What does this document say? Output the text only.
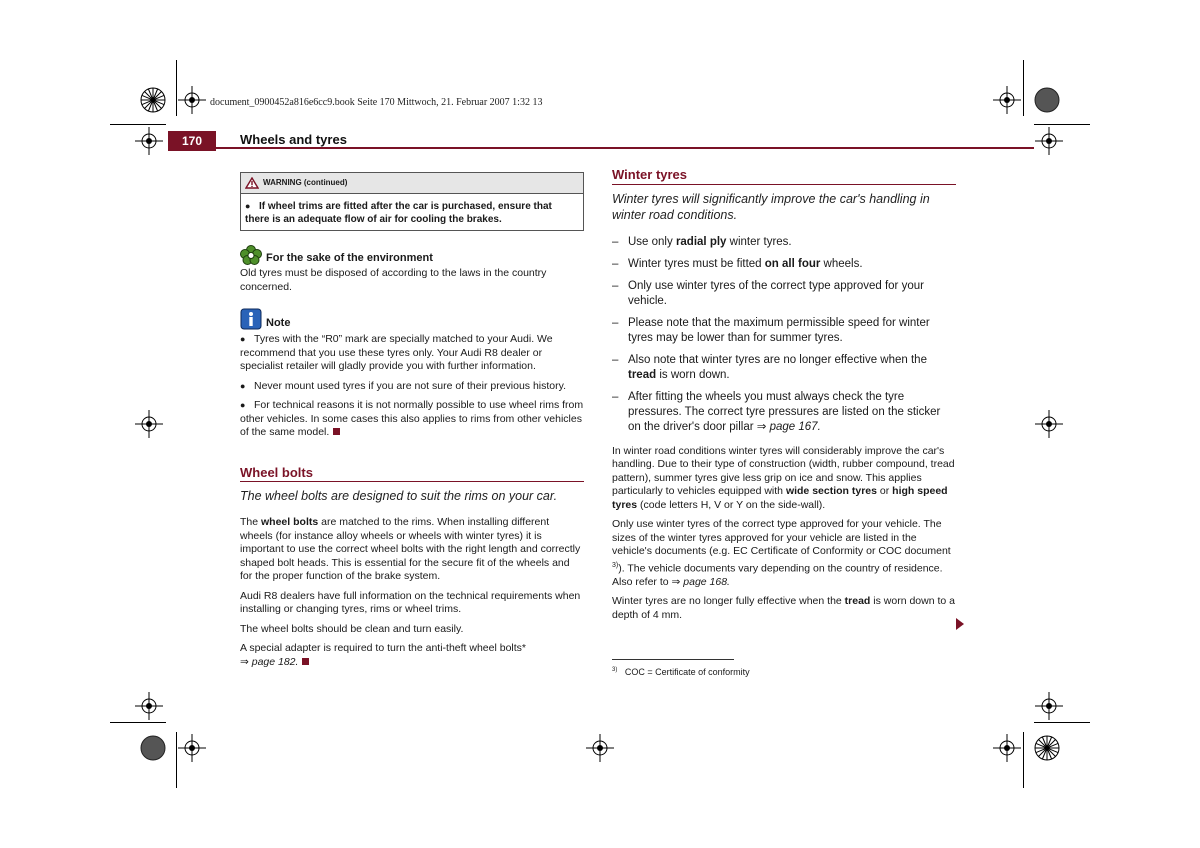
document_0900452a816e6cc9.book Seite 170 Mittwoch, 21. Februar 2007 1:32 13
170	Wheels and tyres
WARNING (continued)
● If wheel trims are fitted after the car is purchased, ensure that there is an adequate flow of air for cooling the brakes.
For the sake of the environment

Old tyres must be disposed of according to the laws in the country concerned.

Note

● Tyres with the “R0” mark are specially matched to your Audi. We recommend that you use these tyres only. Your Audi R8 dealer or specialist retailer will gladly provide you with further information.

● Never mount used tyres if you are not sure of their previous history.

● For technical reasons it is not normally possible to use wheel rims from other vehicles. In some cases this also applies to rims from other vehicles of the same model.

Wheel bolts
The wheel bolts are designed to suit the rims on your car.

The wheel bolts are matched to the rims. When installing different wheels (for instance alloy wheels or wheels with winter tyres) it is important to use the correct wheel bolts with the right length and correctly shaped bolt heads. This is essential for the secure fit of the wheels and for the proper function of the brake system.

Audi R8 dealers have full information on the technical requirements when installing or changing tyres, rims or wheel trims.

The wheel bolts should be clean and turn easily.

A special adapter is required to turn the anti-theft wheel bolts*
⇒ page 182.

Winter tyres
Winter tyres will significantly improve the car's handling in winter road conditions.
– Use only radial ply winter tyres.
– Winter tyres must be fitted on all four wheels.
– Only use winter tyres of the correct type approved for your vehicle.
– Please note that the maximum permissible speed for winter tyres may be lower than for summer tyres.
– Also note that winter tyres are no longer effective when the tread is worn down.
– After fitting the wheels you must always check the tyre pressures. The correct tyre pressures are listed on the sticker on the driver's door pillar ⇒ page 167.

In winter road conditions winter tyres will considerably improve the car's handling. Due to their type of construction (width, rubber compound, tread pattern), summer tyres give less grip on ice and snow. This applies particularly to vehicles equipped with wide section tyres or high speed tyres (code letters H, V or Y on the side-wall).

Only use winter tyres of the correct type approved for your vehicle. The sizes of the winter tyres approved for your vehicle are listed in the vehicle's documents (e.g. EC Certificate of Conformity or COC document $^{3)}$). The vehicle documents vary depending on the country of residence. Also refer to ⇒ page 168.

Winter tyres are no longer fully effective when the tread is worn down to a depth of 4 mm.

$^{3)}$ COC = Certificate of conformity
